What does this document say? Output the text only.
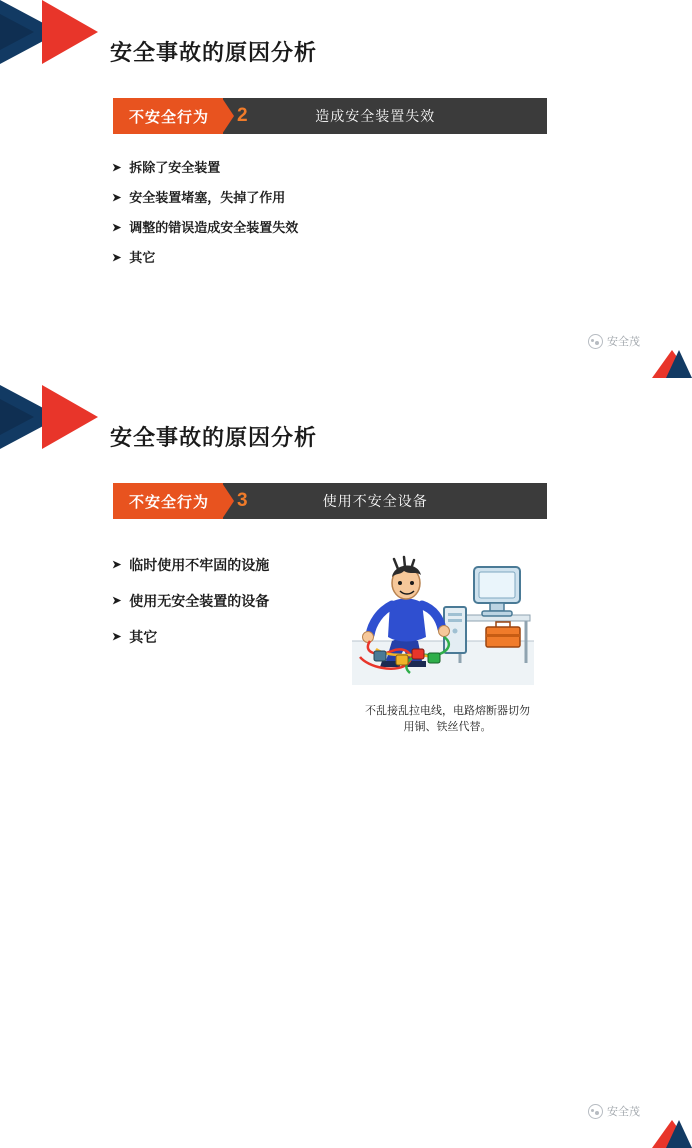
安全事故的原因分析
不安全行为	2	造成安全装置失效
➤ 拆除了安全装置
➤ 安全装置堵塞，失掉了作用
➤ 调整的错误造成安全装置失效
➤ 其它
安全茂
安全事故的原因分析
不安全行为	3	使用不安全设备
➤ 临时使用不牢固的设施
➤ 使用无安全装置的设备
➤ 其它
安全茂
不乱接乱拉电线，电路熔断器切勿用铜、铁丝代替。
